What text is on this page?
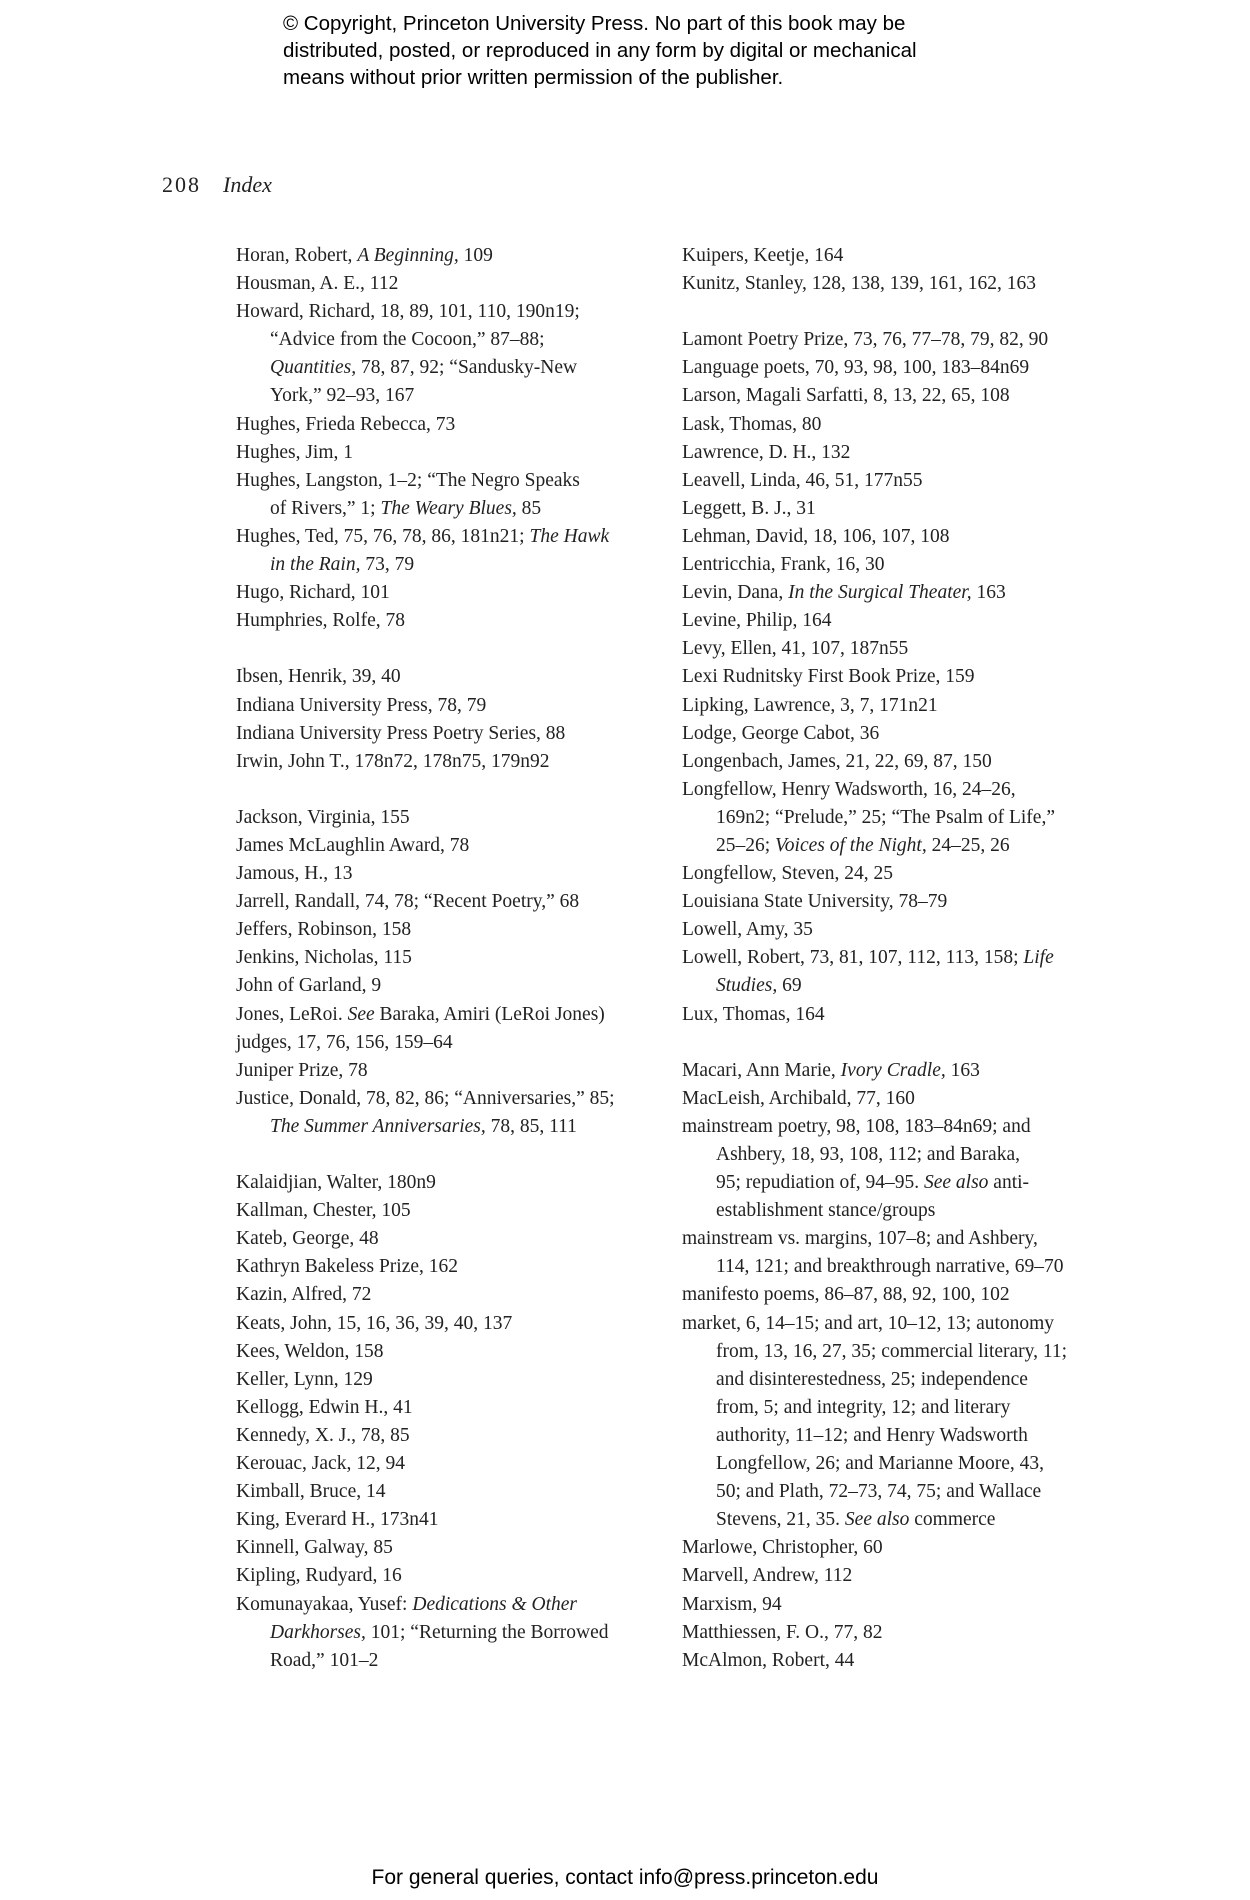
© Copyright, Princeton University Press. No part of this book may be
distributed, posted, or reproduced in any form by digital or mechanical
means without prior written permission of the publisher.
208 Index
Horan, Robert, A Beginning, 109
Housman, A. E., 112
Howard, Richard, 18, 89, 101, 110, 190n19;
“Advice from the Cocoon,” 87–88;
Quantities, 78, 87, 92; “Sandusky-New
York,” 92–93, 167
Hughes, Frieda Rebecca, 73
Hughes, Jim, 1
Hughes, Langston, 1–2; “The Negro Speaks
of Rivers,” 1; The Weary Blues, 85
Hughes, Ted, 75, 76, 78, 86, 181n21; The Hawk
in the Rain, 73, 79
Hugo, Richard, 101
Humphries, Rolfe, 78
Ibsen, Henrik, 39, 40
Indiana University Press, 78, 79
Indiana University Press Poetry Series, 88
Irwin, John T., 178n72, 178n75, 179n92
Jackson, Virginia, 155
James McLaughlin Award, 78
Jamous, H., 13
Jarrell, Randall, 74, 78; “Recent Poetry,” 68
Jeffers, Robinson, 158
Jenkins, Nicholas, 115
John of Garland, 9
Jones, LeRoi. See Baraka, Amiri (LeRoi Jones)
judges, 17, 76, 156, 159–64
Juniper Prize, 78
Justice, Donald, 78, 82, 86; “Anniversaries,” 85;
The Summer Anniversaries, 78, 85, 111
Kalaidjian, Walter, 180n9
Kallman, Chester, 105
Kateb, George, 48
Kathryn Bakeless Prize, 162
Kazin, Alfred, 72
Keats, John, 15, 16, 36, 39, 40, 137
Kees, Weldon, 158
Keller, Lynn, 129
Kellogg, Edwin H., 41
Kennedy, X. J., 78, 85
Kerouac, Jack, 12, 94
Kimball, Bruce, 14
King, Everard H., 173n41
Kinnell, Galway, 85
Kipling, Rudyard, 16
Komunayakaa, Yusef: Dedications & Other
Darkhorses, 101; “Returning the Borrowed
Road,” 101–2
Kuipers, Keetje, 164
Kunitz, Stanley, 128, 138, 139, 161, 162, 163
Lamont Poetry Prize, 73, 76, 77–78, 79, 82, 90
Language poets, 70, 93, 98, 100, 183–84n69
Larson, Magali Sarfatti, 8, 13, 22, 65, 108
Lask, Thomas, 80
Lawrence, D. H., 132
Leavell, Linda, 46, 51, 177n55
Leggett, B. J., 31
Lehman, David, 18, 106, 107, 108
Lentricchia, Frank, 16, 30
Levin, Dana, In the Surgical Theater, 163
Levine, Philip, 164
Levy, Ellen, 41, 107, 187n55
Lexi Rudnitsky First Book Prize, 159
Lipking, Lawrence, 3, 7, 171n21
Lodge, George Cabot, 36
Longenbach, James, 21, 22, 69, 87, 150
Longfellow, Henry Wadsworth, 16, 24–26,
169n2; “Prelude,” 25; “The Psalm of Life,”
25–26; Voices of the Night, 24–25, 26
Longfellow, Steven, 24, 25
Louisiana State University, 78–79
Lowell, Amy, 35
Lowell, Robert, 73, 81, 107, 112, 113, 158; Life
Studies, 69
Lux, Thomas, 164
Macari, Ann Marie, Ivory Cradle, 163
MacLeish, Archibald, 77, 160
mainstream poetry, 98, 108, 183–84n69; and
Ashbery, 18, 93, 108, 112; and Baraka,
95; repudiation of, 94–95. See also anti-
establishment stance/groups
mainstream vs. margins, 107–8; and Ashbery,
114, 121; and breakthrough narrative, 69–70
manifesto poems, 86–87, 88, 92, 100, 102
market, 6, 14–15; and art, 10–12, 13; autonomy
from, 13, 16, 27, 35; commercial literary, 11;
and disinterestedness, 25; independence
from, 5; and integrity, 12; and literary
authority, 11–12; and Henry Wadsworth
Longfellow, 26; and Marianne Moore, 43,
50; and Plath, 72–73, 74, 75; and Wallace
Stevens, 21, 35. See also commerce
Marlowe, Christopher, 60
Marvell, Andrew, 112
Marxism, 94
Matthiessen, F. O., 77, 82
McAlmon, Robert, 44
For general queries, contact info@press.princeton.edu
